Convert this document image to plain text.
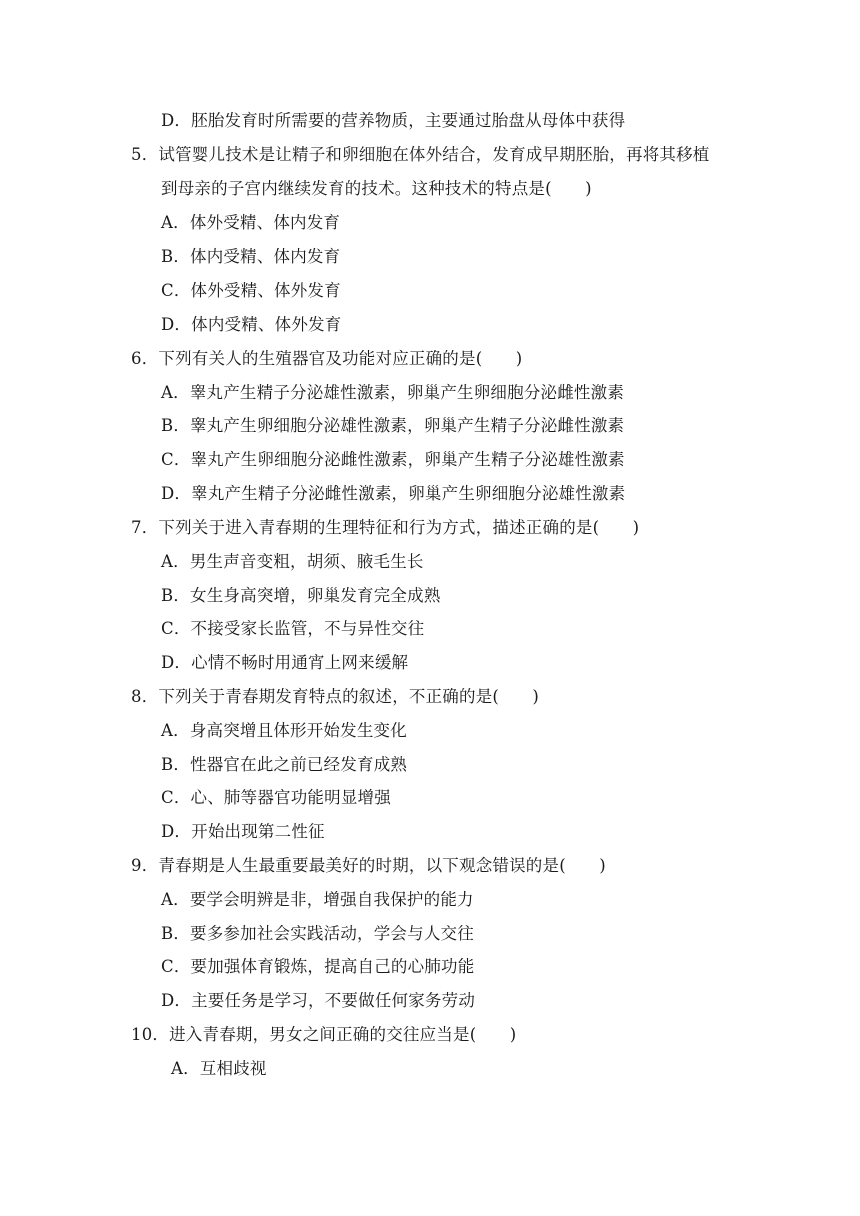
D．胚胎发育时所需要的营养物质，主要通过胎盘从母体中获得
5．试管婴儿技术是让精子和卵细胞在体外结合，发育成早期胚胎，再将其移植
到母亲的子宫内继续发育的技术。这种技术的特点是(　　)
A．体外受精、体内发育
B．体内受精、体内发育
C．体外受精、体外发育
D．体内受精、体外发育
6．下列有关人的生殖器官及功能对应正确的是(　　)
A．睾丸产生精子分泌雄性激素，卵巢产生卵细胞分泌雌性激素
B．睾丸产生卵细胞分泌雄性激素，卵巢产生精子分泌雌性激素
C．睾丸产生卵细胞分泌雌性激素，卵巢产生精子分泌雄性激素
D．睾丸产生精子分泌雌性激素，卵巢产生卵细胞分泌雄性激素
7．下列关于进入青春期的生理特征和行为方式，描述正确的是(　　)
A．男生声音变粗，胡须、腋毛生长
B．女生身高突增，卵巢发育完全成熟
C．不接受家长监管，不与异性交往
D．心情不畅时用通宵上网来缓解
8．下列关于青春期发育特点的叙述，不正确的是(　　)
A．身高突增且体形开始发生变化
B．性器官在此之前已经发育成熟
C．心、肺等器官功能明显增强
D．开始出现第二性征
9．青春期是人生最重要最美好的时期，以下观念错误的是(　　)
A．要学会明辨是非，增强自我保护的能力
B．要多参加社会实践活动，学会与人交往
C．要加强体育锻炼，提高自己的心肺功能
D．主要任务是学习，不要做任何家务劳动
10．进入青春期，男女之间正确的交往应当是(　　)
A．互相歧视
